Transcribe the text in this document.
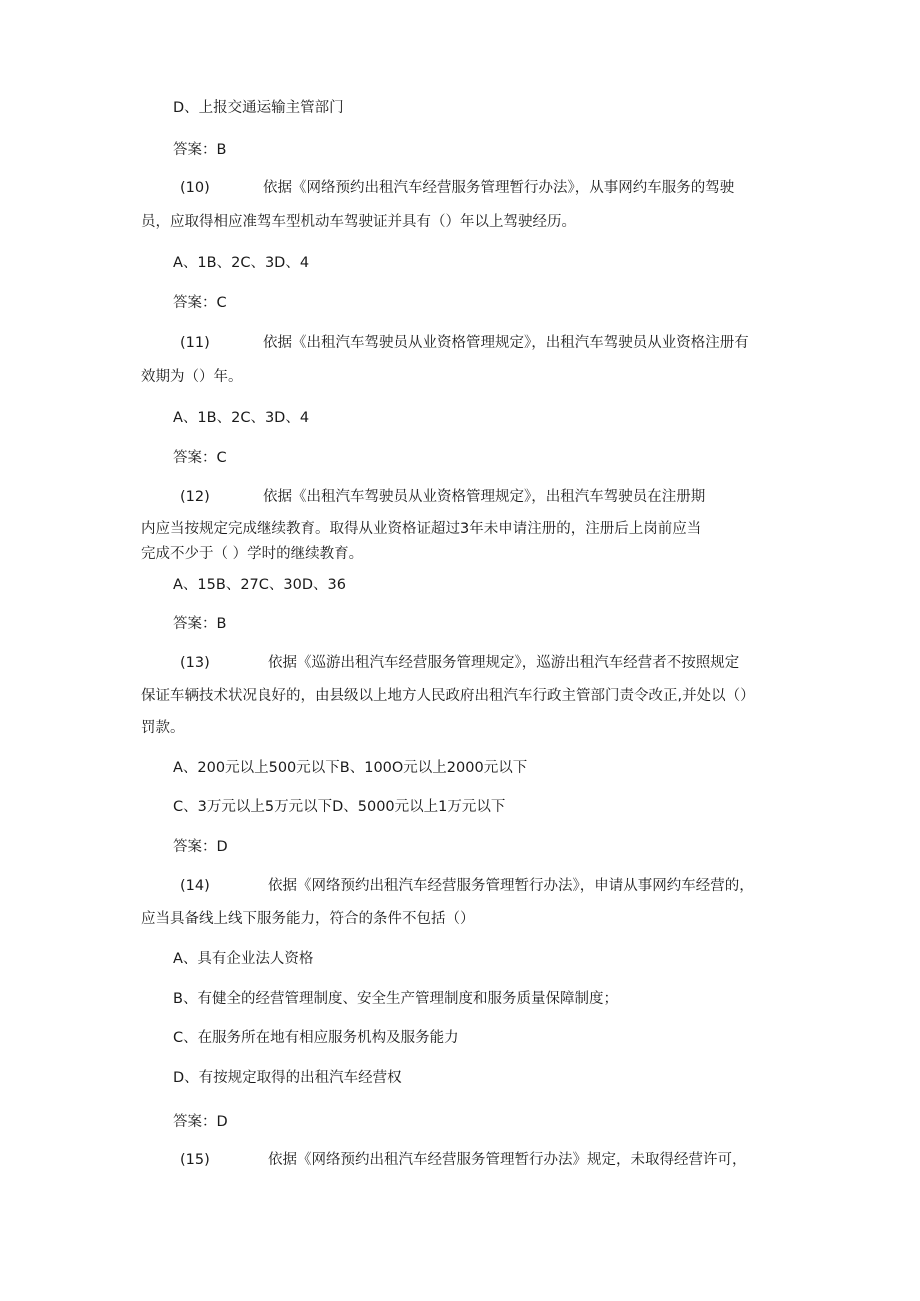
D、上报交通运输主管部门
答案：B
(10)	依据《网络预约出租汽车经营服务管理暂行办法》，从事网约车服务的驾驶
员，应取得相应准驾车型机动车驾驶证并具有（）年以上驾驶经历。
A、1B、2C、3D、4
答案：C
(11)	依据《出租汽车驾驶员从业资格管理规定》，出租汽车驾驶员从业资格注册有
效期为（）年。
A、1B、2C、3D、4
答案：C
(12)	依据《出租汽车驾驶员从业资格管理规定》，出租汽车驾驶员在注册期
内应当按规定完成继续教育。取得从业资格证超过3年未申请注册的，注册后上岗前应当
完成不少于（ ）学时的继续教育。
A、15B、27C、30D、36
答案：B
(13)	依据《巡游出租汽车经营服务管理规定》，巡游出租汽车经营者不按照规定
保证车辆技术状况良好的，由县级以上地方人民政府出租汽车行政主管部门责令改正,并处以（）
罚款。
A、200元以上500元以下B、100O元以上2000元以下
C、3万元以上5万元以下D、5000元以上1万元以下
答案：D
(14)	依据《网络预约出租汽车经营服务管理暂行办法》，申请从事网约车经营的，
应当具备线上线下服务能力，符合的条件不包括（）
A、具有企业法人资格
B、有健全的经营管理制度、安全生产管理制度和服务质量保障制度；
C、在服务所在地有相应服务机构及服务能力
D、有按规定取得的出租汽车经营权
答案：D
(15)	依据《网络预约出租汽车经营服务管理暂行办法》规定，未取得经营许可，
